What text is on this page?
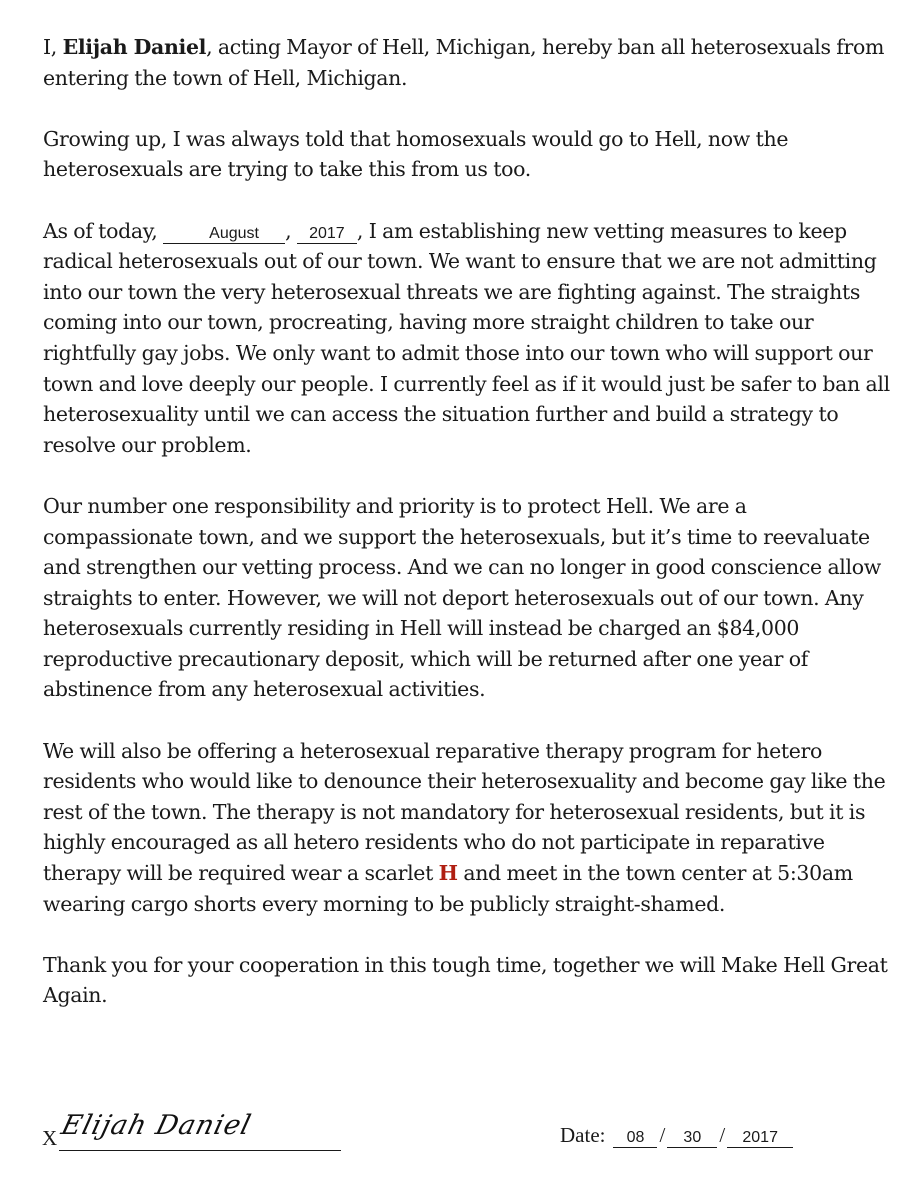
I, Elijah Daniel, acting Mayor of Hell, Michigan, hereby ban all heterosexuals from entering the town of Hell, Michigan.

Growing up, I was always told that homosexuals would go to Hell, now the heterosexuals are trying to take this from us too.

As of today,	August , 2017 , I am establishing new vetting measures to keep radical heterosexuals out of our town. We want to ensure that we are not admitting into our town the very heterosexual threats we are fighting against. The straights coming into our town, procreating, having more straight children to take our rightfully gay jobs. We only want to admit those into our town who will support our town and love deeply our people. I currently feel as if it would just be safer to ban all heterosexuality until we can access the situation further and build a strategy to resolve our problem.

Our number one responsibility and priority is to protect Hell. We are a compassionate town, and we support the heterosexuals, but it’s time to reevaluate and strengthen our vetting process. And we can no longer in good conscience allow straights to enter. However, we will not deport heterosexuals out of our town. Any heterosexuals currently residing in Hell will instead be charged an $84,000 reproductive precautionary deposit, which will be returned after one year of abstinence from any heterosexual activities.

We will also be offering a heterosexual reparative therapy program for hetero residents who would like to denounce their heterosexuality and become gay like the rest of the town. The therapy is not mandatory for heterosexual residents, but it is highly encouraged as all hetero residents who do not participate in reparative therapy will be required wear a scarlet H and meet in the town center at 5:30am wearing cargo shorts every morning to be publicly straight-shamed.

Thank you for your cooperation in this tough time, together we will Make Hell Great Again.

X Elijah Daniel	Date: 08 / 30 / 2017
